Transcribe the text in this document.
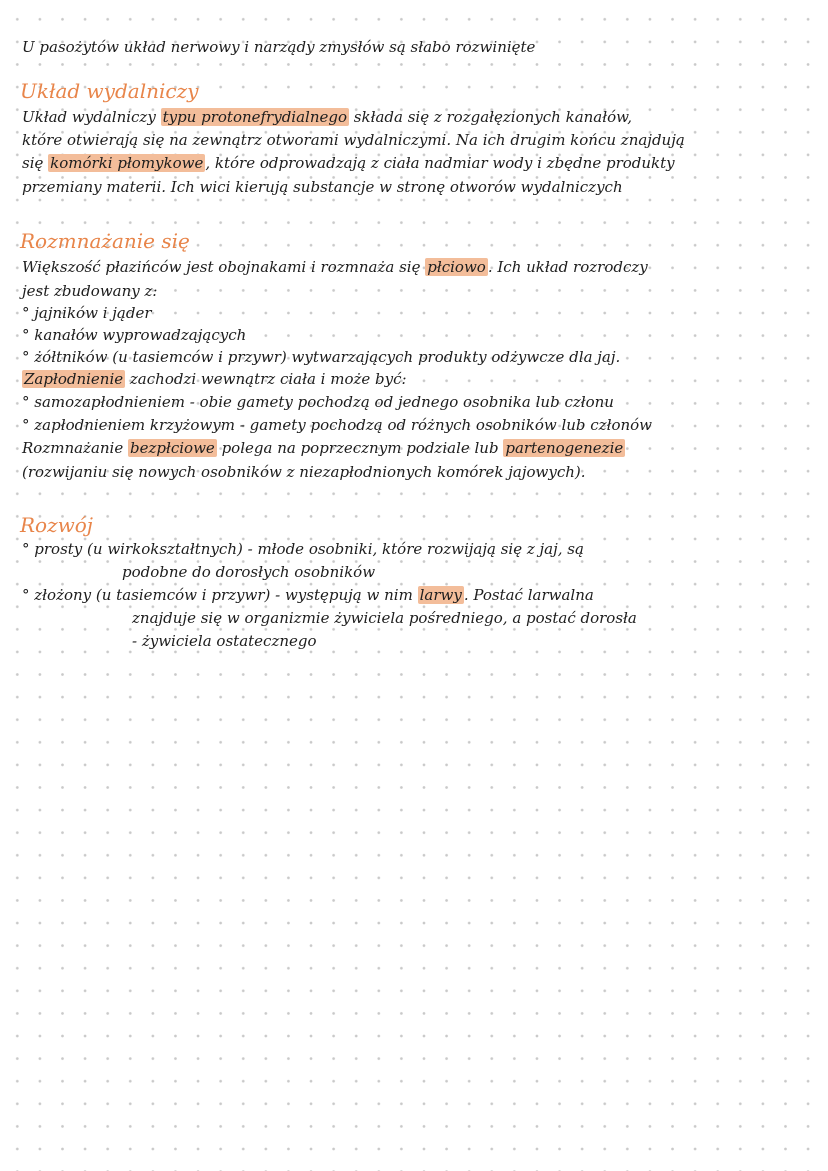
U pasożytów układ nerwowy i narządy zmysłów są słabo rozwinięte
Układ wydalniczy
Układ wydalniczy typu protonefrydialnego składa się z rozgałęzionych kanałów,
które otwierają się na zewnątrz otworami wydalniczymi. Na ich drugim końcu znajdują
się komórki płomykowe , które odprowadzają z ciała nadmiar wody i zbędne produkty
przemiany materii. Ich wici kierują substancje w stronę otworów wydalniczych
Rozmnażanie się
Większość płazińców jest obojnakami i rozmnaża się płciowo . Ich układ rozrodczy
jest zbudowany z:
° jajników i jąder
° kanałów wyprowadzających
° żółtników (u tasiemców i przywr) wytwarzających produkty odżywcze dla jaj.
Zapłodnienie zachodzi wewnątrz ciała i może być:
° samozapłodnieniem - obie gamety pochodzą od jednego osobnika lub członu
° zapłodnieniem krzyżowym - gamety pochodzą od różnych osobników lub członów
Rozmnażanie bezpłciowe polega na poprzecznym podziale lub partenogenezie
(rozwijaniu się nowych osobników z niezapłodnionych komórek jajowych).
Rozwój
° prosty (u wirkokształtnych) - młode osobniki, które rozwijają się z jaj, są
podobne do dorosłych osobników
° złożony (u tasiemców i przywr) - występują w nim larwy . Postać larwalna
znajduje się w organizmie żywiciela pośredniego, a postać dorosła
- żywiciela ostatecznego
